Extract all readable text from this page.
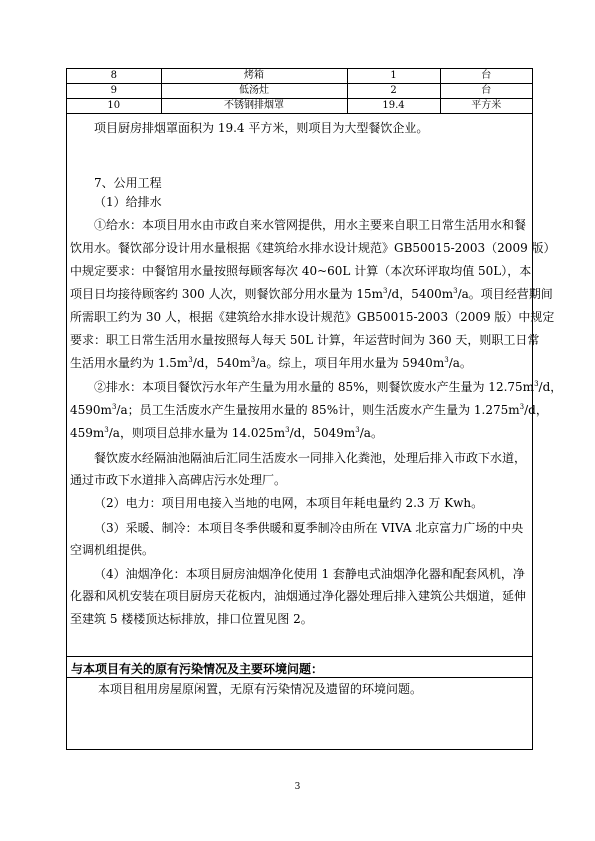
8	烤箱	1	台
9	低汤灶	2	台
10	不锈钢排烟罩	19.4	平方米
项目厨房排烟罩面积为 19.4 平方米，则项目为大型餐饮企业。
7、公用工程
（1）给排水
①给水：本项目用水由市政自来水管网提供，用水主要来自职工日常生活用水和餐
饮用水。餐饮部分设计用水量根据《建筑给水排水设计规范》GB50015-2003（2009 版）
中规定要求：中餐馆用水量按照每顾客每次 40~60L 计算（本次环评取均值 50L），本
项目日均接待顾客约 300 人次，则餐饮部分用水量为 $15m^3/d$，$5400m^3/a$。项目经营期间
所需职工约为 30 人，根据《建筑给水排水设计规范》GB50015-2003（2009 版）中规定
要求：职工日常生活用水量按照每人每天 50L 计算，年运营时间为 360 天，则职工日常
生活用水量约为 $1.5m^3/d$，$540m^3/a$。综上，项目年用水量为 $5940m^3/a$。
②排水：本项目餐饮污水年产生量为用水量的 85%，则餐饮废水产生量为 $12.75m^3/d$，
$4590m^3/a$；员工生活废水产生量按用水量的 85%计，则生活废水产生量为 $1.275m^3/d$，
$459m^3/a$，则项目总排水量为 $14.025m^3/d$，$5049m^3/a$。
餐饮废水经隔油池隔油后汇同生活废水一同排入化粪池，处理后排入市政下水道，
通过市政下水道排入高碑店污水处理厂。
（2）电力：项目用电接入当地的电网，本项目年耗电量约 2.3 万 Kwh。
（3）采暖、制冷：本项目冬季供暖和夏季制冷由所在 VIVA 北京富力广场的中央
空调机组提供。
（4）油烟净化：本项目厨房油烟净化使用 1 套静电式油烟净化器和配套风机，净
化器和风机安装在项目厨房天花板内，油烟通过净化器处理后排入建筑公共烟道，延伸
至建筑 5 楼楼顶达标排放，排口位置见图 2。
与本项目有关的原有污染情况及主要环境问题：
本项目租用房屋原闲置，无原有污染情况及遗留的环境问题。
3
